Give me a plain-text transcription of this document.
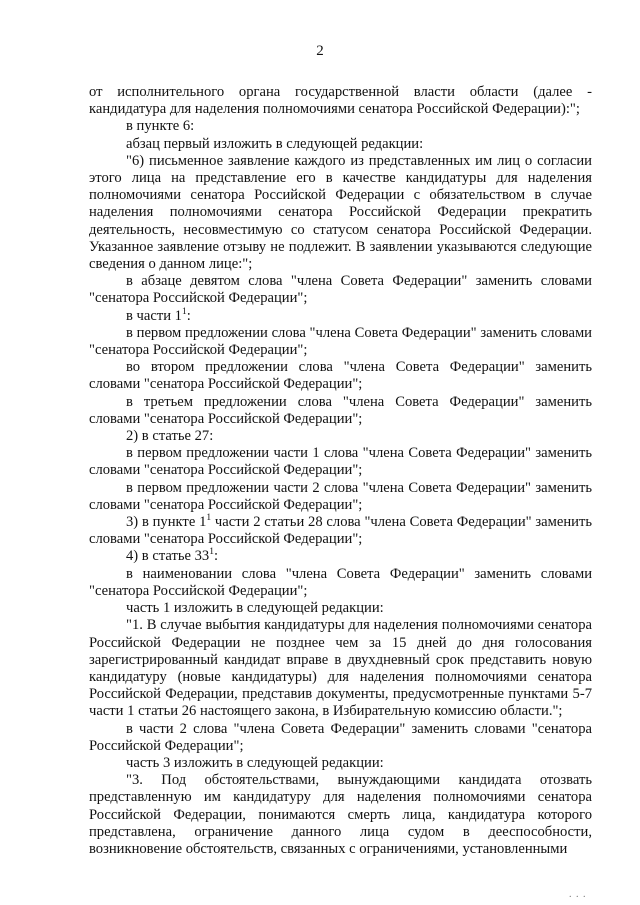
2

от исполнительного органа государственной власти области (далее - кандидатура для наделения полномочиями сенатора Российской Федерации):";

в пункте 6:

абзац первый изложить в следующей редакции:

"6) письменное заявление каждого из представленных им лиц о согласии этого лица на представление его в качестве кандидатуры для наделения полномочиями сенатора Российской Федерации с обязательством в случае наделения полномочиями сенатора Российской Федерации прекратить деятельность, несовместимую со статусом сенатора Российской Федерации. Указанное заявление отзыву не подлежит. В заявлении указываются следующие сведения о данном лице:";

в абзаце девятом слова "члена Совета Федерации" заменить словами "сенатора Российской Федерации";

в части $1^1$:

в первом предложении слова "члена Совета Федерации" заменить словами "сенатора Российской Федерации";

во втором предложении слова "члена Совета Федерации" заменить словами "сенатора Российской Федерации";

в третьем предложении слова "члена Совета Федерации" заменить словами "сенатора Российской Федерации";

2) в статье 27:

в первом предложении части 1 слова "члена Совета Федерации" заменить словами "сенатора Российской Федерации";

в первом предложении части 2 слова "члена Совета Федерации" заменить словами "сенатора Российской Федерации";

3) в пункте $1^1$ части 2 статьи 28 слова "члена Совета Федерации" заменить словами "сенатора Российской Федерации";

4) в статье $33^1$:

в наименовании слова "члена Совета Федерации" заменить словами "сенатора Российской Федерации";

часть 1 изложить в следующей редакции:

"1. В случае выбытия кандидатуры для наделения полномочиями сенатора Российской Федерации не позднее чем за 15 дней до дня голосования зарегистрированный кандидат вправе в двухдневный срок представить новую кандидатуру (новые кандидатуры) для наделения полномочиями сенатора Российской Федерации, представив документы, предусмотренные пунктами 5-7 части 1 статьи 26 настоящего закона, в Избирательную комиссию области.";

в части 2 слова "члена Совета Федерации" заменить словами "сенатора Российской Федерации";

часть 3 изложить в следующей редакции:

"3. Под обстоятельствами, вынуждающими кандидата отозвать представленную им кандидатуру для наделения полномочиями сенатора Российской Федерации, понимаются смерть лица, кандидатура которого представлена, ограничение данного лица судом в дееспособности, возникновение обстоятельств, связанных с ограничениями, установленными

. . .
